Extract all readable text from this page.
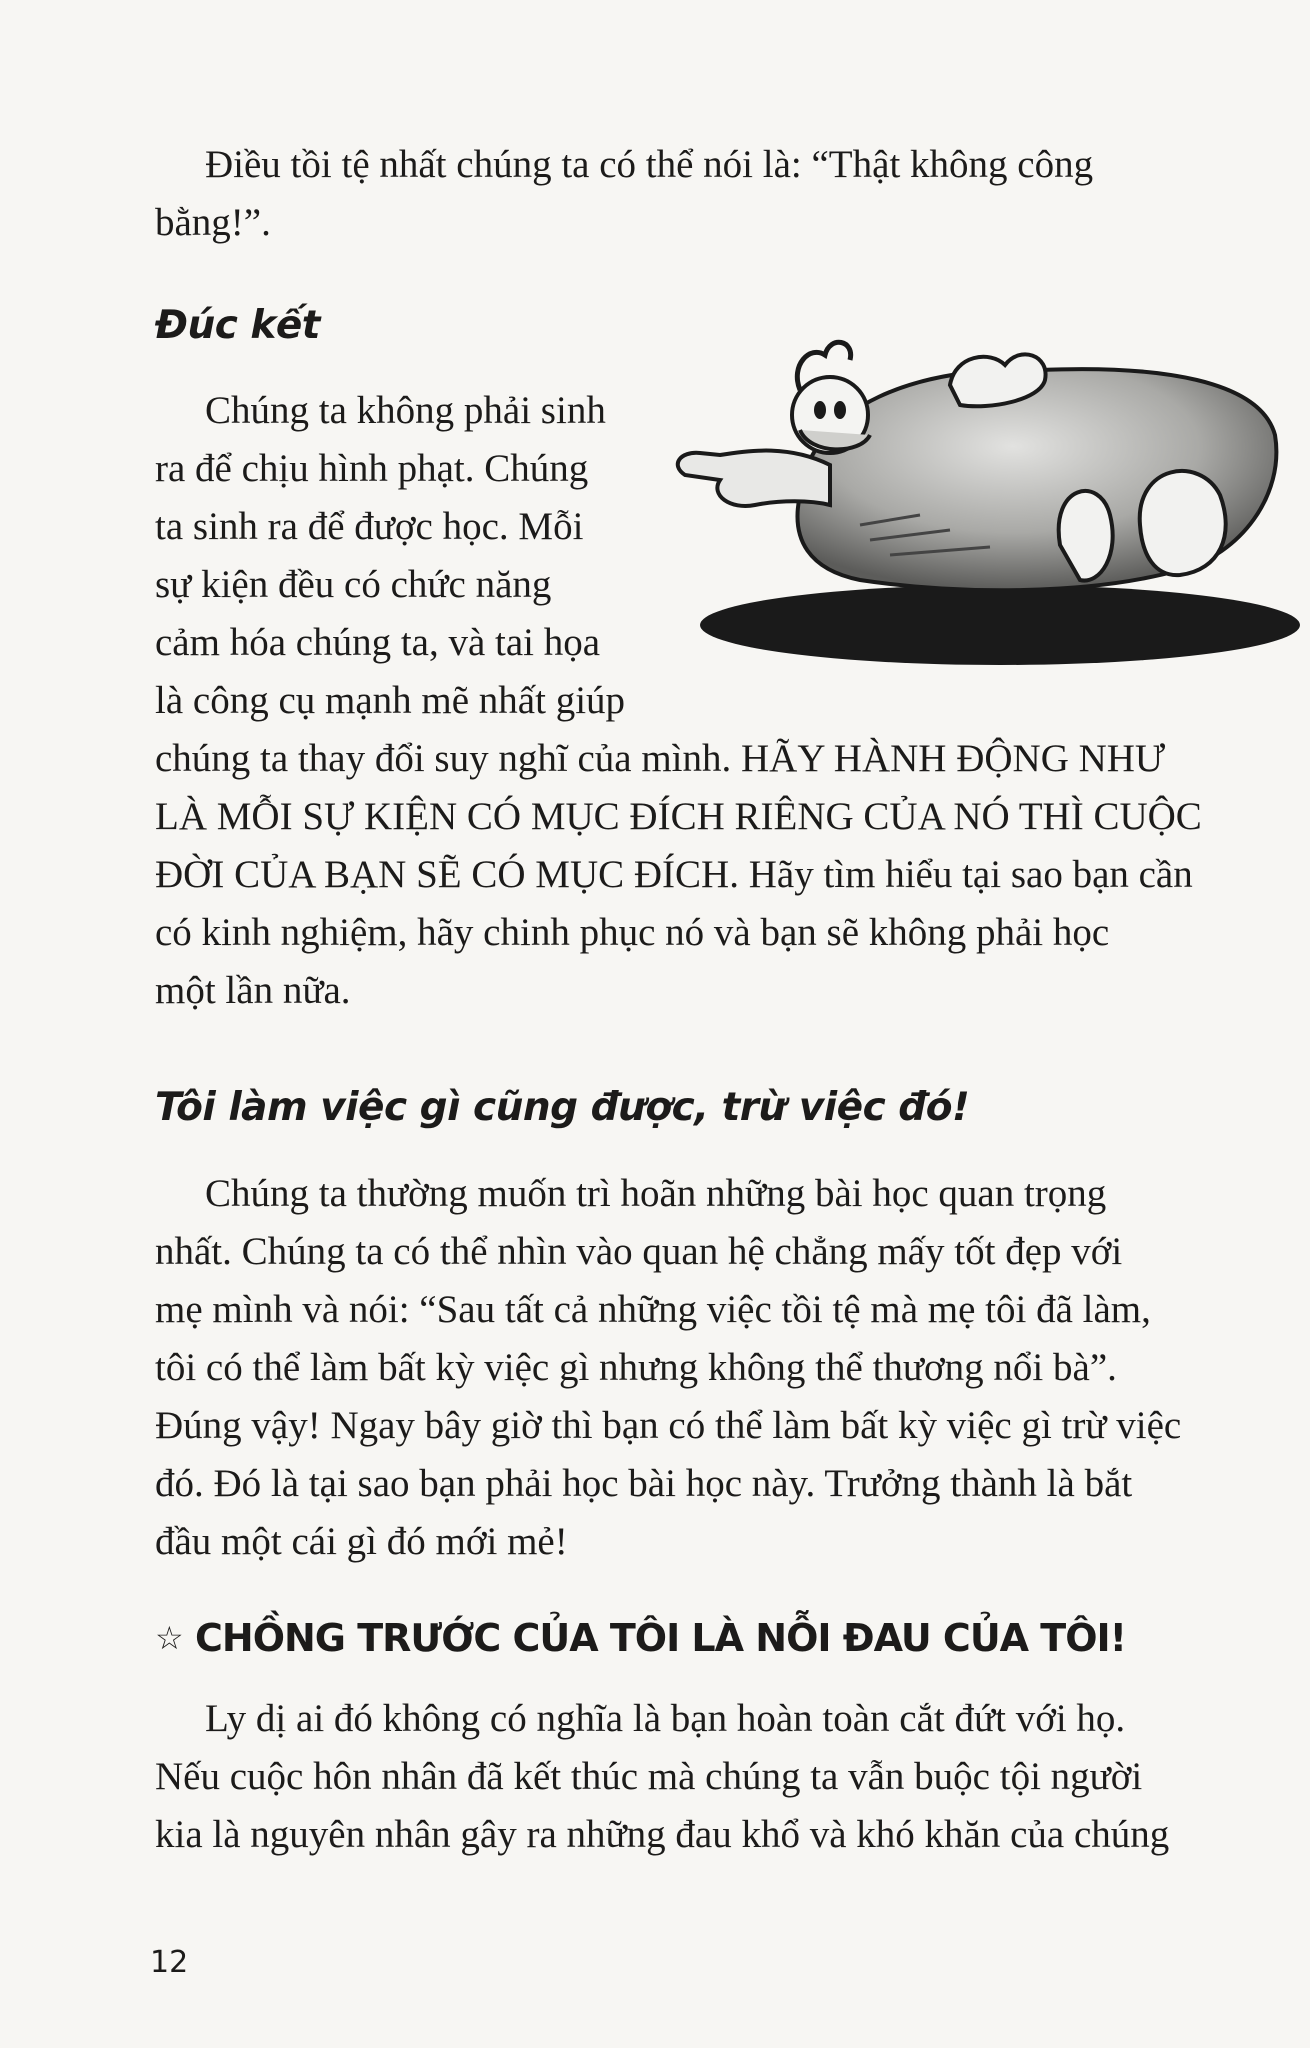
Điều tồi tệ nhất chúng ta có thể nói là: “Thật không công
bằng!”.

Đúc kết

Chúng ta không phải sinh
ra để chịu hình phạt. Chúng
ta sinh ra để được học. Mỗi
sự kiện đều có chức năng
cảm hóa chúng ta, và tai họa
là công cụ mạnh mẽ nhất giúp

chúng ta thay đổi suy nghĩ của mình. HÃY HÀNH ĐỘNG NHƯ
LÀ MỖI SỰ KIỆN CÓ MỤC ĐÍCH RIÊNG CỦA NÓ THÌ CUỘC
ĐỜI CỦA BẠN SẼ CÓ MỤC ĐÍCH. Hãy tìm hiểu tại sao bạn cần
có kinh nghiệm, hãy chinh phục nó và bạn sẽ không phải học
một lần nữa.

Tôi làm việc gì cũng được, trừ việc đó!

Chúng ta thường muốn trì hoãn những bài học quan trọng
nhất. Chúng ta có thể nhìn vào quan hệ chẳng mấy tốt đẹp với
mẹ mình và nói: “Sau tất cả những việc tồi tệ mà mẹ tôi đã làm,
tôi có thể làm bất kỳ việc gì nhưng không thể thương nổi bà”.
Đúng vậy! Ngay bây giờ thì bạn có thể làm bất kỳ việc gì trừ việc
đó. Đó là tại sao bạn phải học bài học này. Trưởng thành là bắt
đầu một cái gì đó mới mẻ!

☆ CHỒNG TRƯỚC CỦA TÔI LÀ NỖI ĐAU CỦA TÔI!

Ly dị ai đó không có nghĩa là bạn hoàn toàn cắt đứt với họ.
Nếu cuộc hôn nhân đã kết thúc mà chúng ta vẫn buộc tội người
kia là nguyên nhân gây ra những đau khổ và khó khăn của chúng

12
